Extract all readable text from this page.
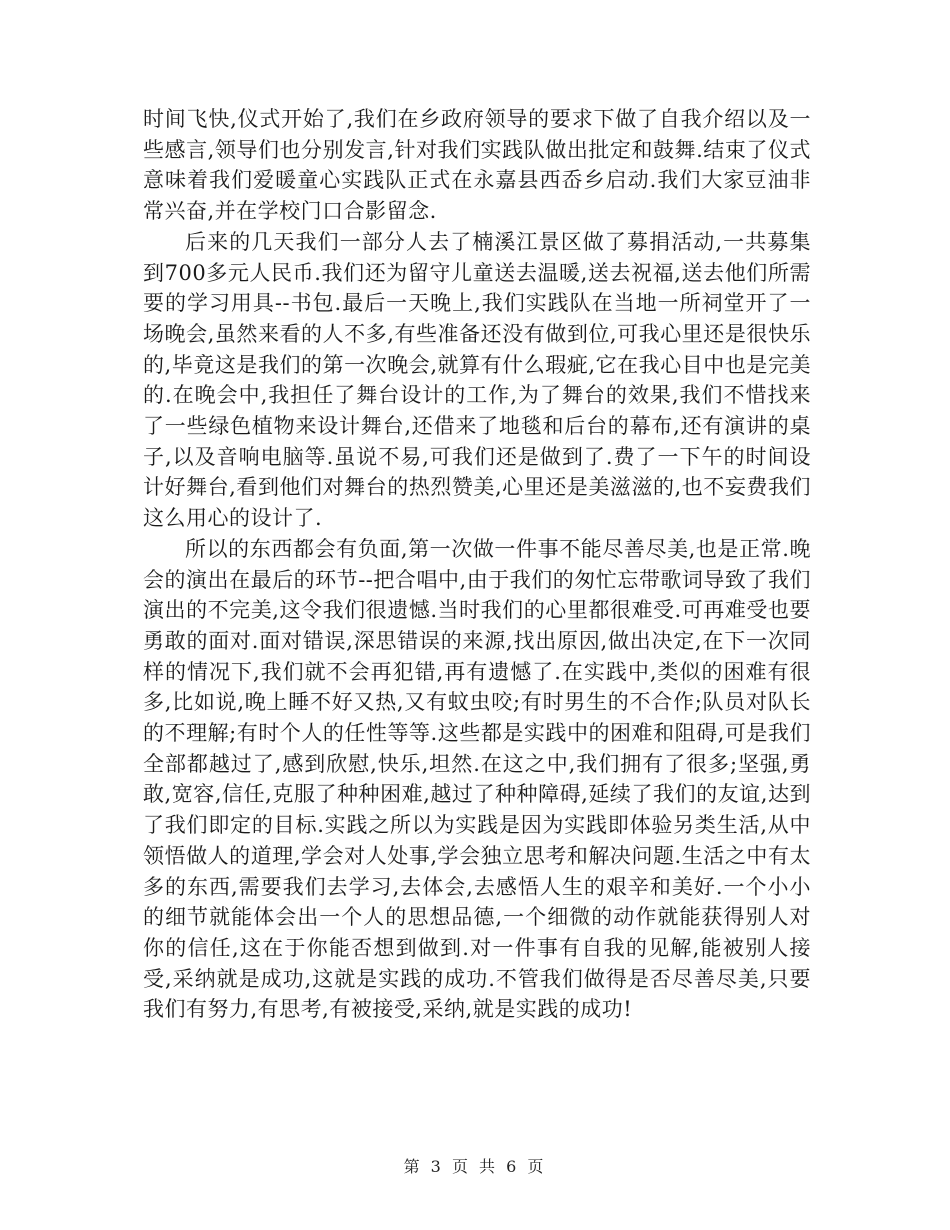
时间飞快,仪式开始了,我们在乡政府领导的要求下做了自我介绍以及一些感言,领导们也分别发言,针对我们实践队做出批定和鼓舞.结束了仪式意味着我们爱暖童心实践队正式在永嘉县西岙乡启动.我们大家豆油非常兴奋,并在学校门口合影留念.

后来的几天我们一部分人去了楠溪江景区做了募捐活动,一共募集到700多元人民币.我们还为留守儿童送去温暖,送去祝福,送去他们所需要的学习用具--书包.最后一天晚上,我们实践队在当地一所祠堂开了一场晚会,虽然来看的人不多,有些准备还没有做到位,可我心里还是很快乐的,毕竟这是我们的第一次晚会,就算有什么瑕疵,它在我心目中也是完美的.在晚会中,我担任了舞台设计的工作,为了舞台的效果,我们不惜找来了一些绿色植物来设计舞台,还借来了地毯和后台的幕布,还有演讲的桌子,以及音响电脑等.虽说不易,可我们还是做到了.费了一下午的时间设计好舞台,看到他们对舞台的热烈赞美,心里还是美滋滋的,也不妄费我们这么用心的设计了.

所以的东西都会有负面,第一次做一件事不能尽善尽美,也是正常.晚会的演出在最后的环节--把合唱中,由于我们的匆忙忘带歌词导致了我们演出的不完美,这令我们很遗憾.当时我们的心里都很难受.可再难受也要勇敢的面对.面对错误,深思错误的来源,找出原因,做出决定,在下一次同样的情况下,我们就不会再犯错,再有遗憾了.在实践中,类似的困难有很多,比如说,晚上睡不好又热,又有蚊虫咬;有时男生的不合作;队员对队长的不理解;有时个人的任性等等.这些都是实践中的困难和阻碍,可是我们全部都越过了,感到欣慰,快乐,坦然.在这之中,我们拥有了很多;坚强,勇敢,宽容,信任,克服了种种困难,越过了种种障碍,延续了我们的友谊,达到了我们即定的目标.实践之所以为实践是因为实践即体验另类生活,从中领悟做人的道理,学会对人处事,学会独立思考和解决问题.生活之中有太多的东西,需要我们去学习,去体会,去感悟人生的艰辛和美好.一个小小的细节就能体会出一个人的思想品德,一个细微的动作就能获得别人对你的信任,这在于你能否想到做到.对一件事有自我的见解,能被别人接受,采纳就是成功,这就是实践的成功.不管我们做得是否尽善尽美,只要我们有努力,有思考,有被接受,采纳,就是实践的成功!

第 3 页 共 6 页
